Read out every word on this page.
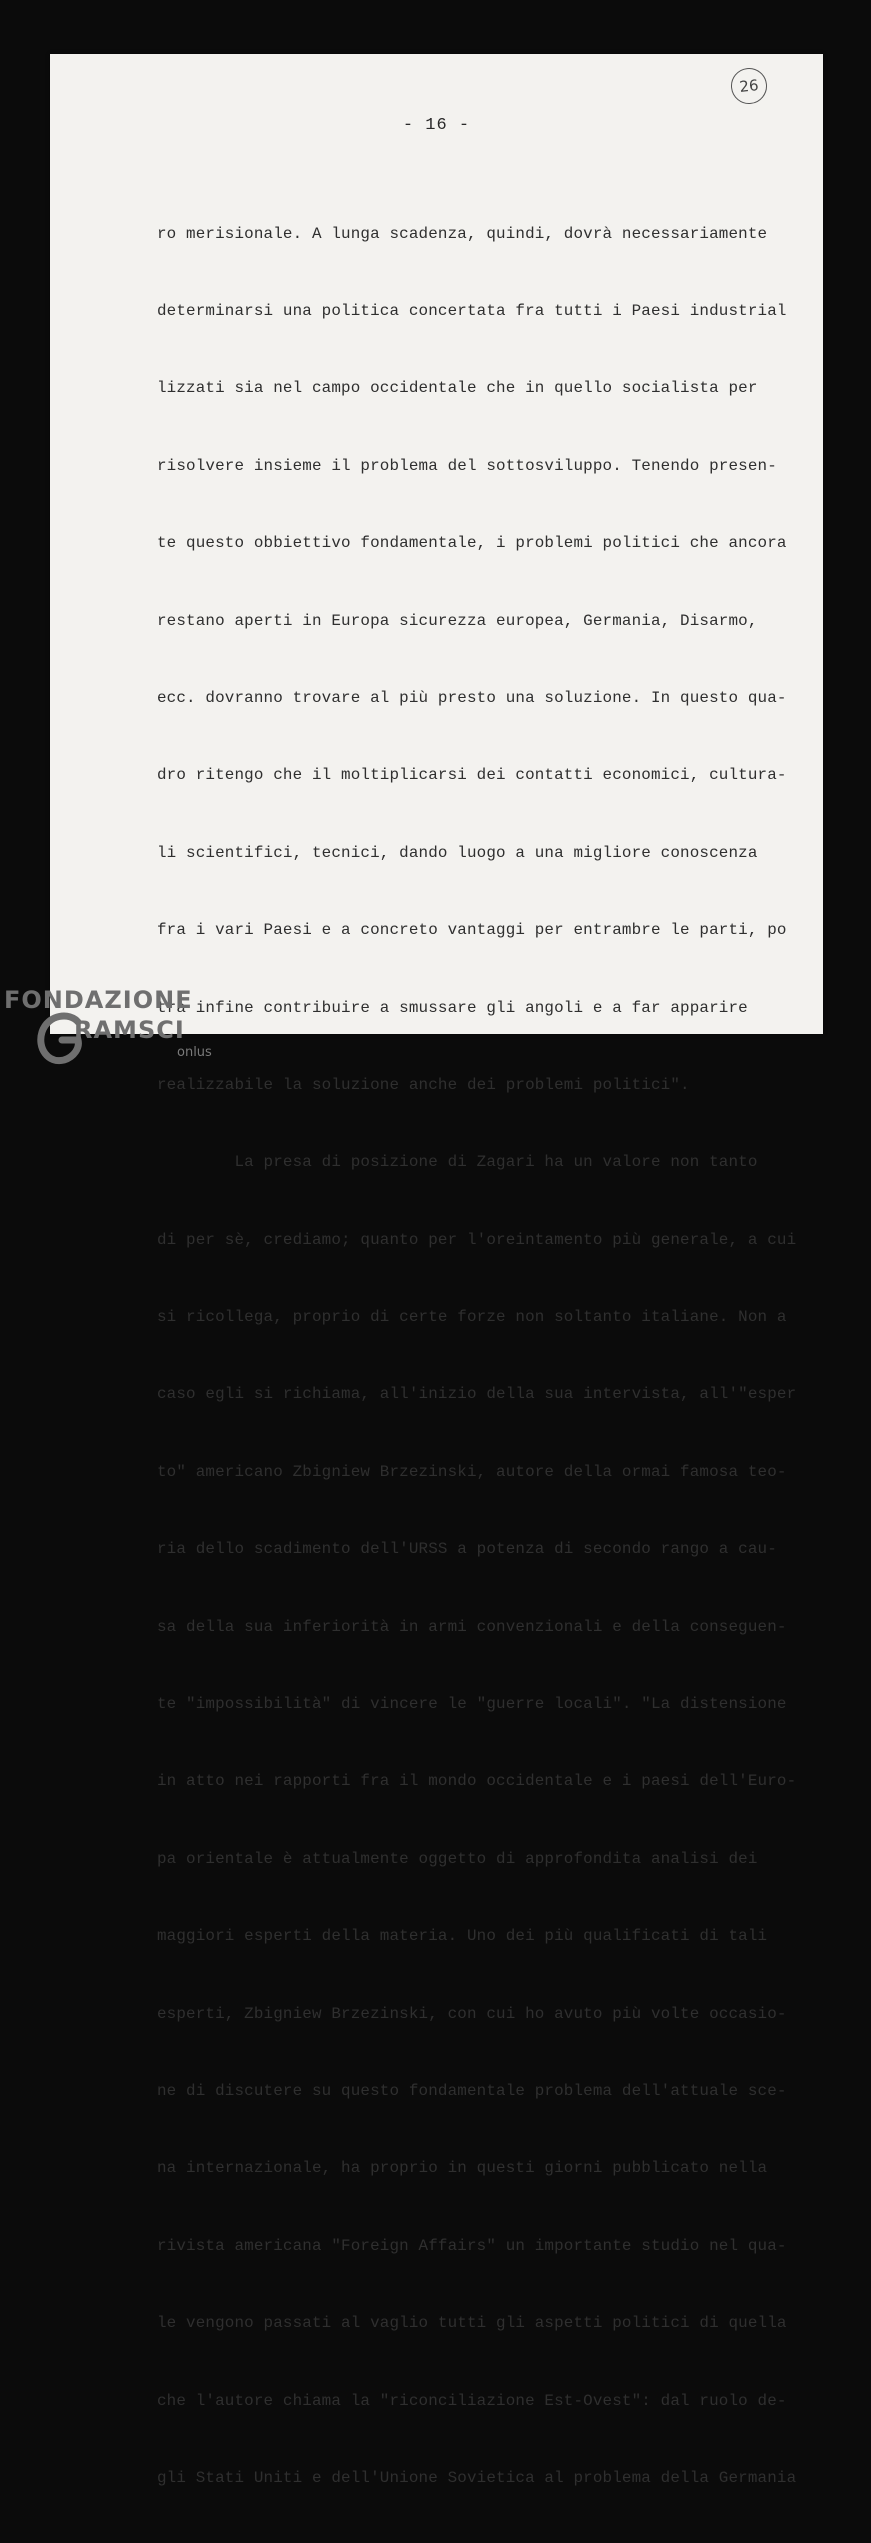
26
- 16 -

ro merisionale. A lunga scadenza, quindi, dovrà necessariamente

determinarsi una politica concertata fra tutti i Paesi industrial

lizzati sia nel campo occidentale che in quello socialista per

risolvere insieme il problema del sottosviluppo. Tenendo presen-

te questo obbiettivo fondamentale, i problemi politici che ancora

restano aperti in Europa sicurezza europea, Germania, Disarmo,

ecc. dovranno trovare al più presto una soluzione. In questo qua-

dro ritengo che il moltiplicarsi dei contatti economici, cultura-

li scientifici, tecnici, dando luogo a una migliore conoscenza

fra i vari Paesi e a concreto vantaggi per entrambre le parti, po

trà infine contribuire a smussare gli angoli e a far apparire

realizzabile la soluzione anche dei problemi politici".

La presa di posizione di Zagari ha un valore non tanto

di per sè, crediamo; quanto per l'oreintamento più generale, a cui

si ricollega, proprio di certe forze non soltanto italiane. Non a

caso egli si richiama, all'inizio della sua intervista, all'"esper

to" americano Zbigniew Brzezinski, autore della ormai famosa teo-

ria dello scadimento dell'URSS a potenza di secondo rango a cau-

sa della sua inferiorità in armi convenzionali e della conseguen-

te "impossibilità" di vincere le "guerre locali". "La distensione

in atto nei rapporti fra il mondo occidentale e i paesi dell'Euro-

pa orientale è attualmente oggetto di approfondita analisi dei

maggiori esperti della materia. Uno dei più qualificati di tali

esperti, Zbigniew Brzezinski, con cui ho avuto più volte occasio-

ne di discutere su questo fondamentale problema dell'attuale sce-

na internazionale, ha proprio in questi giorni pubblicato nella

rivista americana "Foreign Affairs" un importante studio nel qua-

le vengono passati al vaglio tutti gli aspetti politici di quella

che l'autore chiama la "riconciliazione Est-Ovest": dal ruolo de-

gli Stati Uniti e dell'Unione Sovietica al problema della Germania

FONDAZIONE
RAMSCI
onlus
